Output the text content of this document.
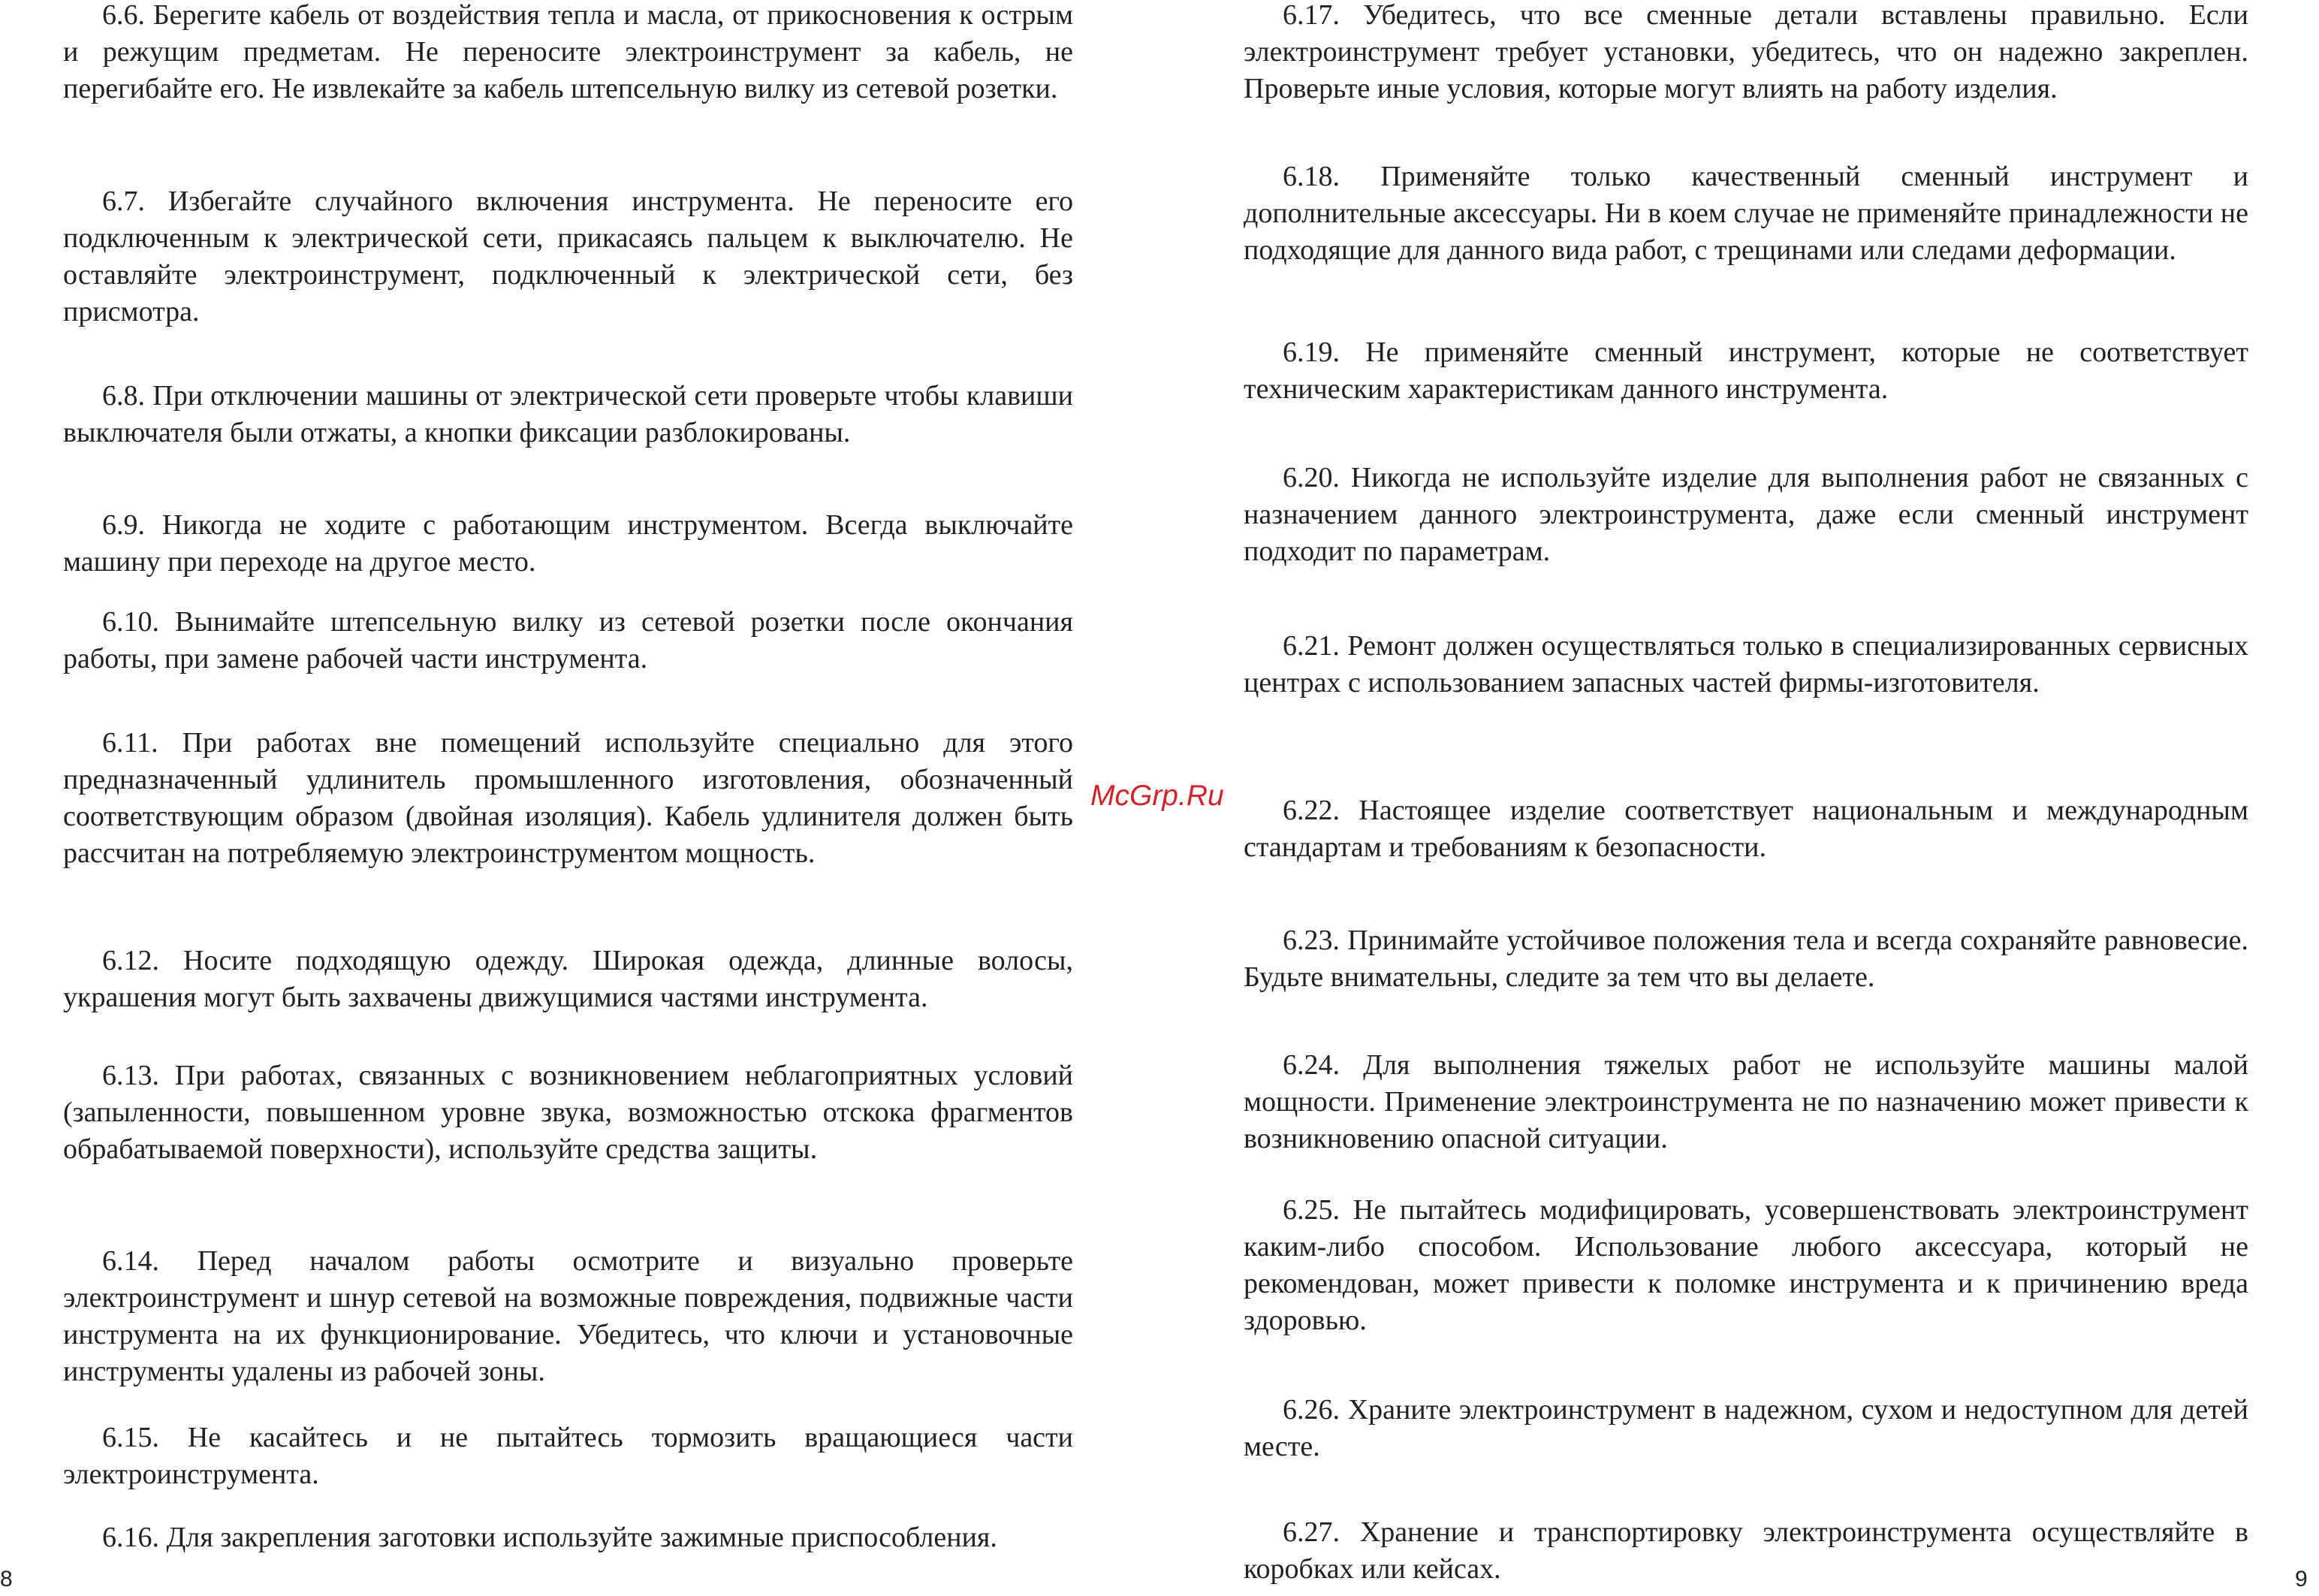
6.6. Берегите кабель от воздействия тепла и масла, от прикосновения к острым и режущим предметам. Не переносите электроинструмент за кабель, не перегибайте его. Не извлекайте за кабель штепсельную вилку из сетевой розетки.

6.7. Избегайте случайного включения инструмента. Не переносите его подключенным к электрической сети, прикасаясь пальцем к выключателю. Не оставляйте электроинструмент, подключенный к электрической сети, без присмотра.

6.8. При отключении машины от электрической сети проверьте чтобы клавиши выключателя были отжаты, а кнопки фиксации разблокированы.

6.9. Никогда не ходите с работающим инструментом. Всегда выключайте машину при переходе на другое место.

6.10. Вынимайте штепсельную вилку из сетевой розетки после окончания работы, при замене рабочей части инструмента.

6.11. При работах вне помещений используйте специально для этого предназначенный удлинитель промышленного изготовления, обозначенный соответствующим образом (двойная изоляция). Кабель удлинителя должен быть рассчитан на потребляемую электроинструментом мощность.

6.12. Носите подходящую одежду. Широкая одежда, длинные волосы, украшения могут быть захвачены движущимися частями инструмента.

6.13. При работах, связанных с возникновением неблагоприятных условий (запыленности, повышенном уровне звука, возможностью отскока фрагментов обрабатываемой поверхности), используйте средства защиты.

6.14. Перед началом работы осмотрите и визуально проверьте электроинструмент и шнур сетевой на возможные повреждения, подвижные части инструмента на их функционирование. Убедитесь, что ключи и установочные инструменты удалены из рабочей зоны.

6.15. Не касайтесь и не пытайтесь тормозить вращающиеся части электроинструмента.

6.16. Для закрепления заготовки используйте зажимные приспособления.

6.17. Убедитесь, что все сменные детали вставлены правильно. Если электроинструмент требует установки, убедитесь, что он надежно закреплен. Проверьте иные условия, которые могут влиять на работу изделия.

6.18. Применяйте только качественный сменный инструмент и дополнительные аксессуары. Ни в коем случае не применяйте принадлежности не подходящие для данного вида работ, с трещинами или следами деформации.

6.19. Не применяйте сменный инструмент, которые не соответствует техническим характеристикам данного инструмента.

6.20. Никогда не используйте изделие для выполнения работ не связанных с назначением данного электроинструмента, даже если сменный инструмент подходит по параметрам.

6.21. Ремонт должен осуществляться только в специализированных сервисных центрах с использованием запасных частей фирмы-изготовителя.

6.22. Настоящее изделие соответствует национальным и международным стандартам и требованиям к безопасности.

6.23. Принимайте устойчивое положения тела и всегда сохраняйте равновесие. Будьте внимательны, следите за тем что вы делаете.

6.24. Для выполнения тяжелых работ не используйте машины малой мощности. Применение электроинструмента не по назначению может привести к возникновению опасной ситуации.

6.25. Не пытайтесь модифицировать, усовершенствовать электроинструмент каким-либо способом. Использование любого аксессуара, который не рекомендован, может привести к поломке инструмента и к причинению вреда здоровью.

6.26. Храните электроинструмент в надежном, сухом и недоступном для детей месте.

6.27. Хранение и транспортировку электроинструмента осуществляйте в коробках или кейсах.

McGrp.Ru
8	9
